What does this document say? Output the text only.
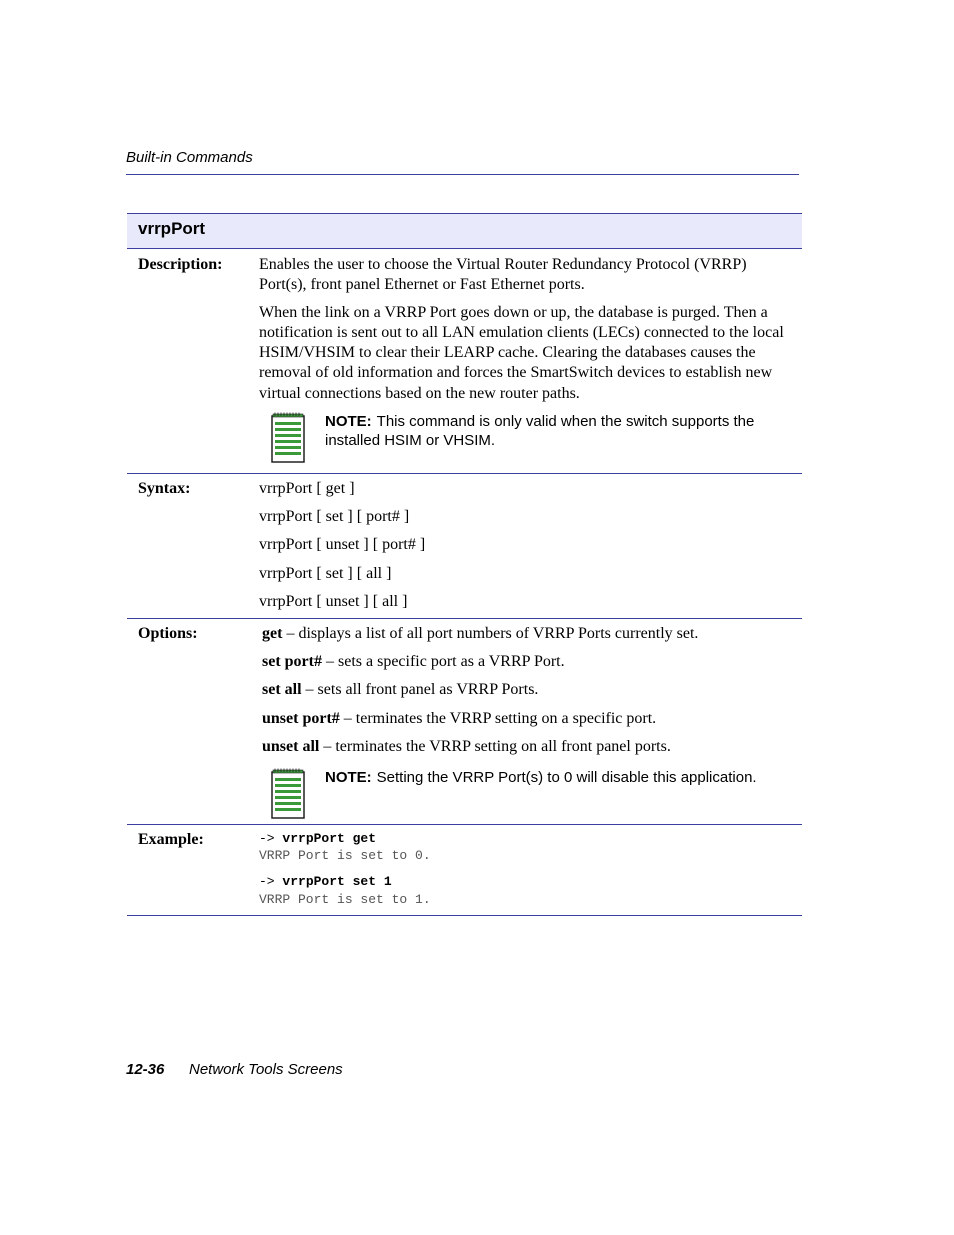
Built-in Commands
vrrpPort
Description: Enables the user to choose the Virtual Router Redundancy Protocol (VRRP) Port(s), front panel Ethernet or Fast Ethernet ports.

When the link on a VRRP Port goes down or up, the database is purged. Then a notification is sent out to all LAN emulation clients (LECs) connected to the local HSIM/VHSIM to clear their LEARP cache. Clearing the databases causes the removal of old information and forces the SmartSwitch devices to establish new virtual connections based on the new router paths.

NOTE: This command is only valid when the switch supports the installed HSIM or VHSIM.
Syntax:	vrrpPort [ get ]
vrrpPort [ set ] [ port# ]
vrrpPort [ unset ] [ port# ]
vrrpPort [ set ] [ all ]
vrrpPort [ unset ] [ all ]
Options:	get – displays a list of all port numbers of VRRP Ports currently set.
set port# – sets a specific port as a VRRP Port.
set all – sets all front panel as VRRP Ports.
unset port# – terminates the VRRP setting on a specific port.
unset all – terminates the VRRP setting on all front panel ports.
NOTE: Setting the VRRP Port(s) to 0 will disable this application.
Example:	-> vrrpPort get
VRRP Port is set to 0.
-> vrrpPort set 1
VRRP Port is set to 1.
12-36 Network Tools Screens
